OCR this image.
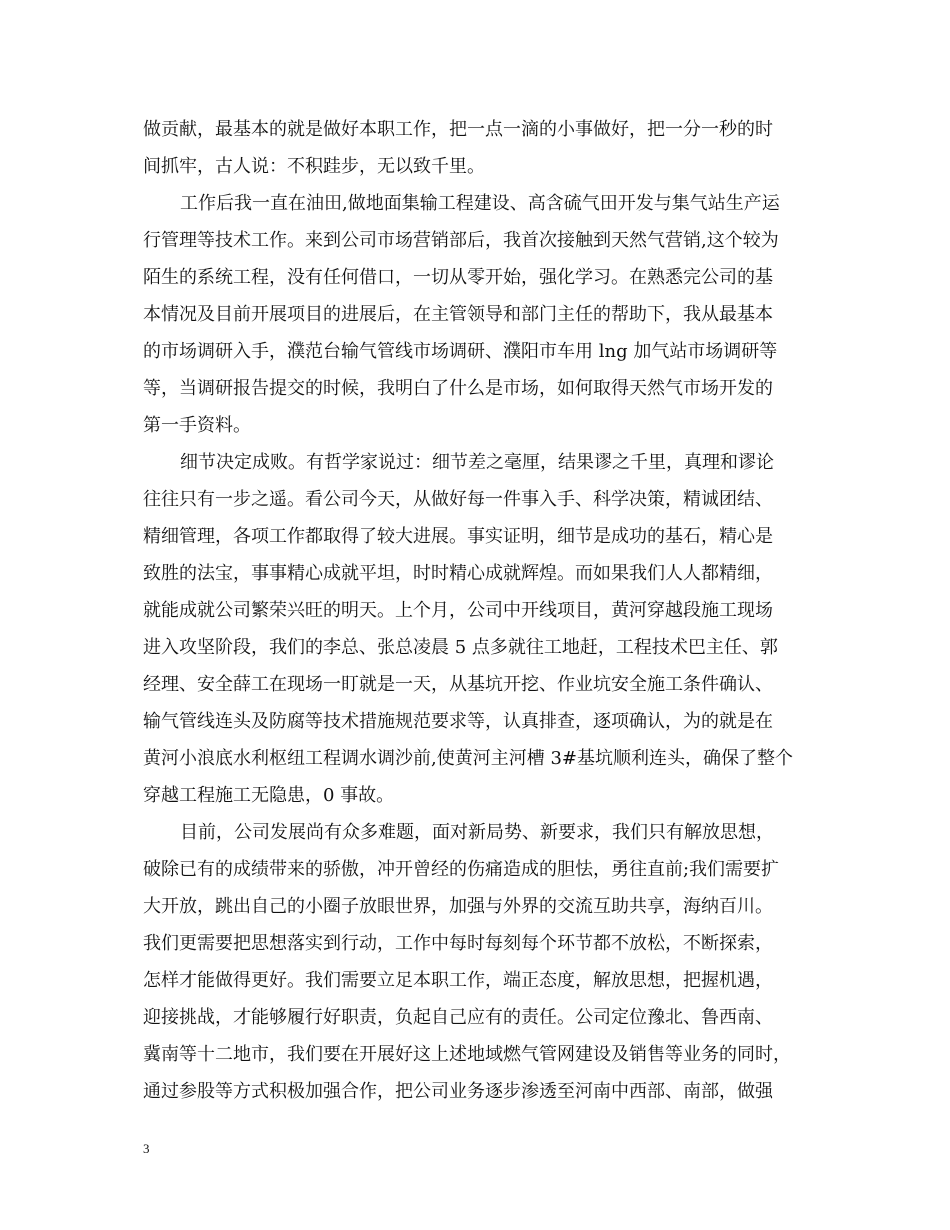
做贡献，最基本的就是做好本职工作，把一点一滴的小事做好，把一分一秒的时
间抓牢，古人说：不积跬步，无以致千里。
工作后我一直在油田,做地面集输工程建设、高含硫气田开发与集气站生产运
行管理等技术工作。来到公司市场营销部后，我首次接触到天然气营销,这个较为
陌生的系统工程，没有任何借口，一切从零开始，强化学习。在熟悉完公司的基
本情况及目前开展项目的进展后，在主管领导和部门主任的帮助下，我从最基本
的市场调研入手，濮范台输气管线市场调研、濮阳市车用 lng 加气站市场调研等
等，当调研报告提交的时候，我明白了什么是市场，如何取得天然气市场开发的
第一手资料。
细节决定成败。有哲学家说过：细节差之毫厘，结果谬之千里，真理和谬论
往往只有一步之遥。看公司今天，从做好每一件事入手、科学决策，精诚团结、
精细管理，各项工作都取得了较大进展。事实证明，细节是成功的基石，精心是
致胜的法宝，事事精心成就平坦，时时精心成就辉煌。而如果我们人人都精细，
就能成就公司繁荣兴旺的明天。上个月，公司中开线项目，黄河穿越段施工现场
进入攻坚阶段，我们的李总、张总凌晨 5 点多就往工地赶，工程技术巴主任、郭
经理、安全薛工在现场一盯就是一天，从基坑开挖、作业坑安全施工条件确认、
输气管线连头及防腐等技术措施规范要求等，认真排查，逐项确认，为的就是在
黄河小浪底水利枢纽工程调水调沙前,使黄河主河槽 3#基坑顺利连头，确保了整个
穿越工程施工无隐患，0 事故。
目前，公司发展尚有众多难题，面对新局势、新要求，我们只有解放思想，
破除已有的成绩带来的骄傲，冲开曾经的伤痛造成的胆怯，勇往直前;我们需要扩
大开放，跳出自己的小圈子放眼世界，加强与外界的交流互助共享，海纳百川。
我们更需要把思想落实到行动，工作中每时每刻每个环节都不放松，不断探索，
怎样才能做得更好。我们需要立足本职工作，端正态度，解放思想，把握机遇，
迎接挑战，才能够履行好职责，负起自己应有的责任。公司定位豫北、鲁西南、
冀南等十二地市，我们要在开展好这上述地域燃气管网建设及销售等业务的同时，
通过参股等方式积极加强合作，把公司业务逐步渗透至河南中西部、南部，做强
3
